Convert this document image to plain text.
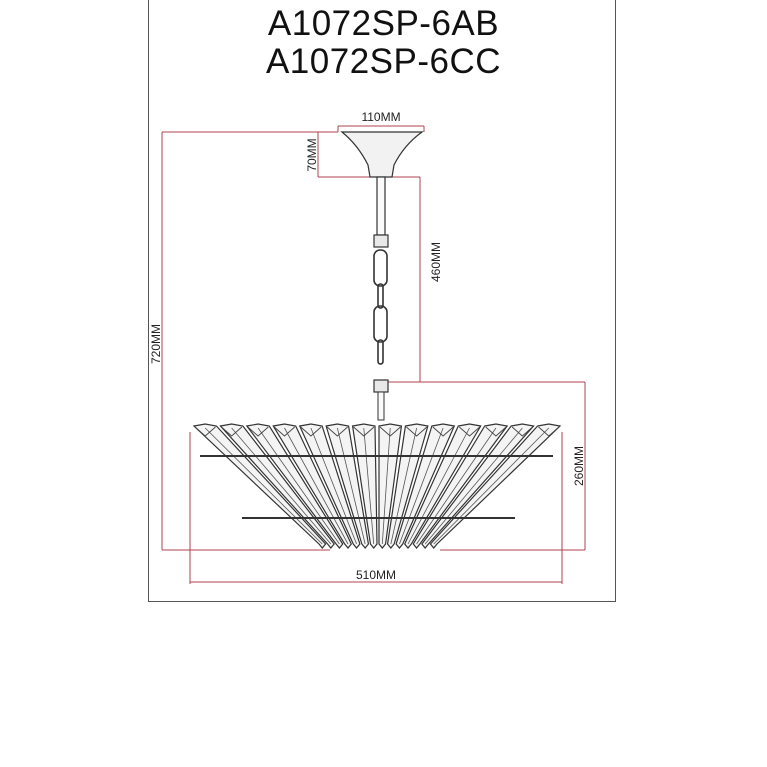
A1072SP-6AB
A1072SP-6CC
110MM
70MM
460MM
720MM
260MM
510MM
